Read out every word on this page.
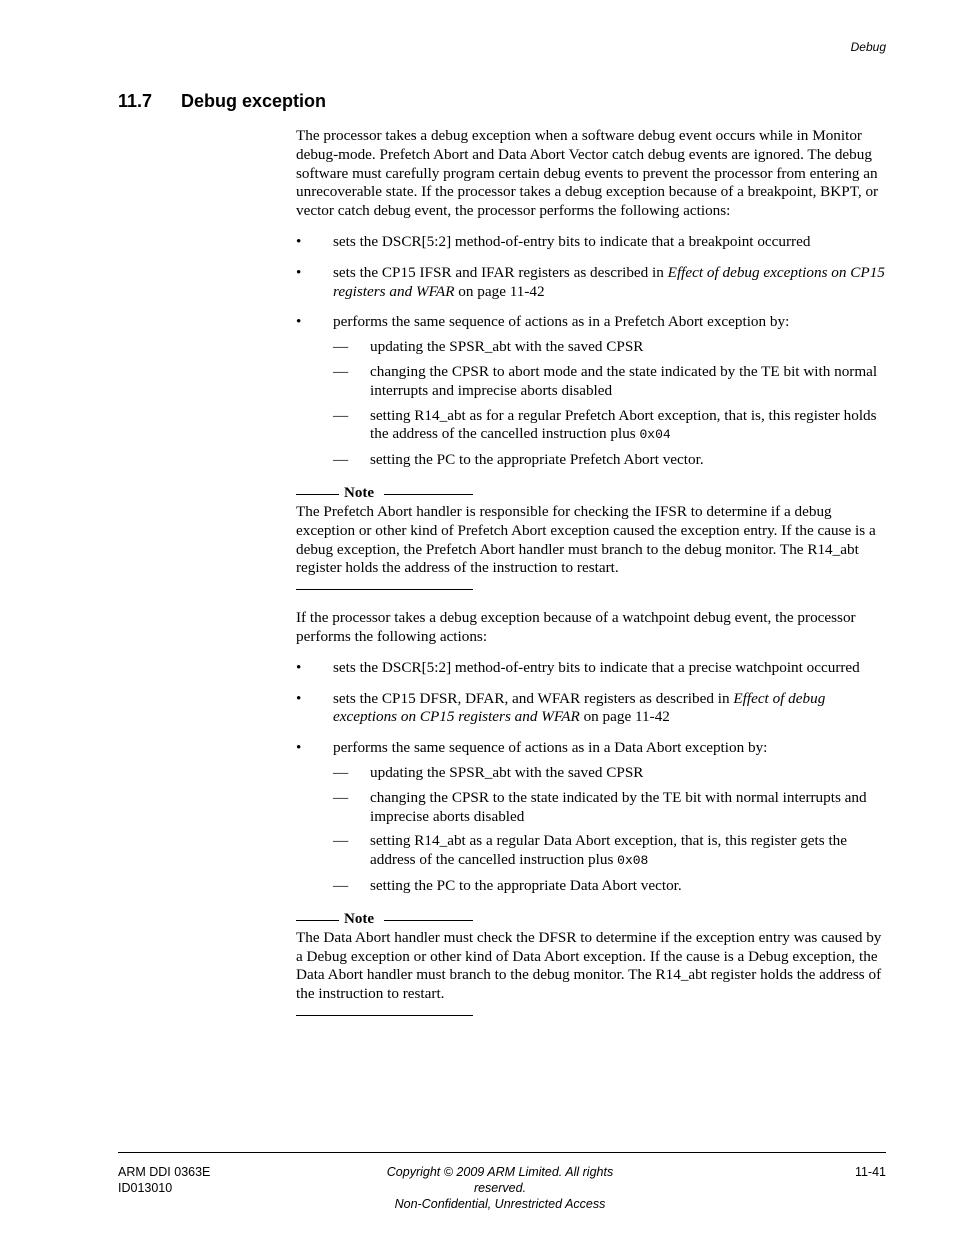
Debug
11.7 Debug exception

The processor takes a debug exception when a software debug event occurs while in Monitor debug-mode. Prefetch Abort and Data Abort Vector catch debug events are ignored. The debug software must carefully program certain debug events to prevent the processor from entering an unrecoverable state. If the processor takes a debug exception because of a breakpoint, BKPT, or vector catch debug event, the processor performs the following actions:

• sets the DSCR[5:2] method-of-entry bits to indicate that a breakpoint occurred
• sets the CP15 IFSR and IFAR registers as described in Effect of debug exceptions on CP15 registers and WFAR on page 11-42
• performs the same sequence of actions as in a Prefetch Abort exception by:
— updating the SPSR_abt with the saved CPSR
— changing the CPSR to abort mode and the state indicated by the TE bit with normal interrupts and imprecise aborts disabled
— setting R14_abt as for a regular Prefetch Abort exception, that is, this register holds the address of the cancelled instruction plus 0x04
— setting the PC to the appropriate Prefetch Abort vector.
Note

The Prefetch Abort handler is responsible for checking the IFSR to determine if a debug exception or other kind of Prefetch Abort exception caused the exception entry. If the cause is a debug exception, the Prefetch Abort handler must branch to the debug monitor. The R14_abt register holds the address of the instruction to restart.

If the processor takes a debug exception because of a watchpoint debug event, the processor performs the following actions:

• sets the DSCR[5:2] method-of-entry bits to indicate that a precise watchpoint occurred
• sets the CP15 DFSR, DFAR, and WFAR registers as described in Effect of debug exceptions on CP15 registers and WFAR on page 11-42
• performs the same sequence of actions as in a Data Abort exception by:
— updating the SPSR_abt with the saved CPSR
— changing the CPSR to the state indicated by the TE bit with normal interrupts and imprecise aborts disabled
— setting R14_abt as a regular Data Abort exception, that is, this register gets the address of the cancelled instruction plus 0x08
— setting the PC to the appropriate Data Abort vector.
Note

The Data Abort handler must check the DFSR to determine if the exception entry was caused by a Debug exception or other kind of Data Abort exception. If the cause is a Debug exception, the Data Abort handler must branch to the debug monitor. The R14_abt register holds the address of the instruction to restart.

ARM DDI 0363E
ID013010
Copyright © 2009 ARM Limited. All rights reserved.
Non-Confidential, Unrestricted Access
11-41
